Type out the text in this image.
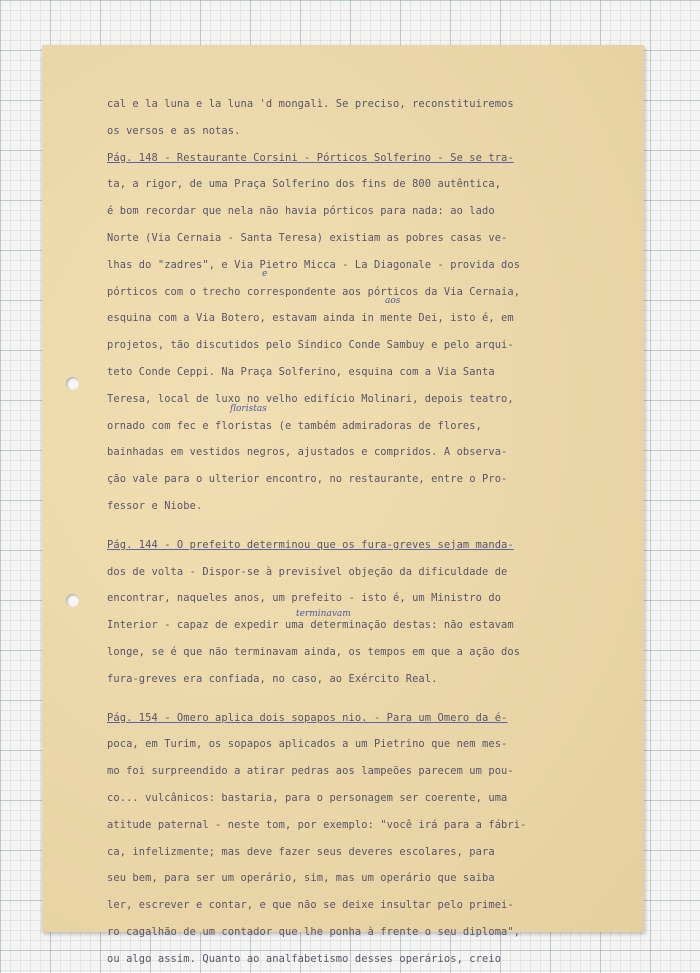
cal e la luna e la luna 'd mongalì. Se preciso, reconstituiremos
os versos e as notas.
Pág. 148 - Restaurante Corsini - Pórticos Solferino - Se se tra-
ta, a rigor, de uma Praça Solferino dos fins de 800 autêntica,
é bom recordar que nela não havia pórticos para nada: ao lado
Norte (Via Cernaia - Santa Teresa) existiam as pobres casas ve-
lhas do "zadres", e Via Pietro Micca - La Diagonale - provida dos
pórticos com o trecho correspondente aos pórticos da Via Cernaia,
esquina com a Via Botero, estavam ainda in mente Dei, isto é, em
projetos, tão discutidos pelo Síndico Conde Sambuy e pelo arqui-
teto Conde Ceppi. Na Praça Solferino, esquina com a Via Santa
Teresa, local de luxo no velho edifício Molinari, depois teatro,
ornado com fec e floristas (e também admiradoras de flores,
bainhadas em vestidos negros, ajustados e compridos. A observa-
ção vale para o ulterior encontro, no restaurante, entre o Pro-
fessor e Niobe.
Pág. 144 - O prefeito determinou que os fura-greves sejam manda-
dos de volta - Dispor-se à previsível objeção da dificuldade de
encontrar, naqueles anos, um prefeito - isto é, um Ministro do
Interior - capaz de expedir uma determinação destas: não estavam
longe, se é que não terminavam ainda, os tempos em que a ação dos
fura-greves era confiada, no caso, ao Exército Real.
Pág. 154 - Omero aplica dois sopapos nio. - Para um Omero da é-
poca, em Turim, os sopapos aplicados a um Pietrino que nem mes-
mo foi surpreendido a atirar pedras aos lampeões parecem um pou-
co... vulcânicos: bastaria, para o personagem ser coerente, uma
atitude paternal - neste tom, por exemplo: "você irá para a fábri-
ca, infelizmente; mas deve fazer seus deveres escolares, para
seu bem, para ser um operário, sim, mas um operário que saiba
ler, escrever e contar, e que não se deixe insultar pelo primei-
ro cagalhão de um contador que lhe ponha à frente o seu diploma",
ou algo assim. Quanto ao analfabetismo desses operários, creio
e
aos
floristas
terminavam
